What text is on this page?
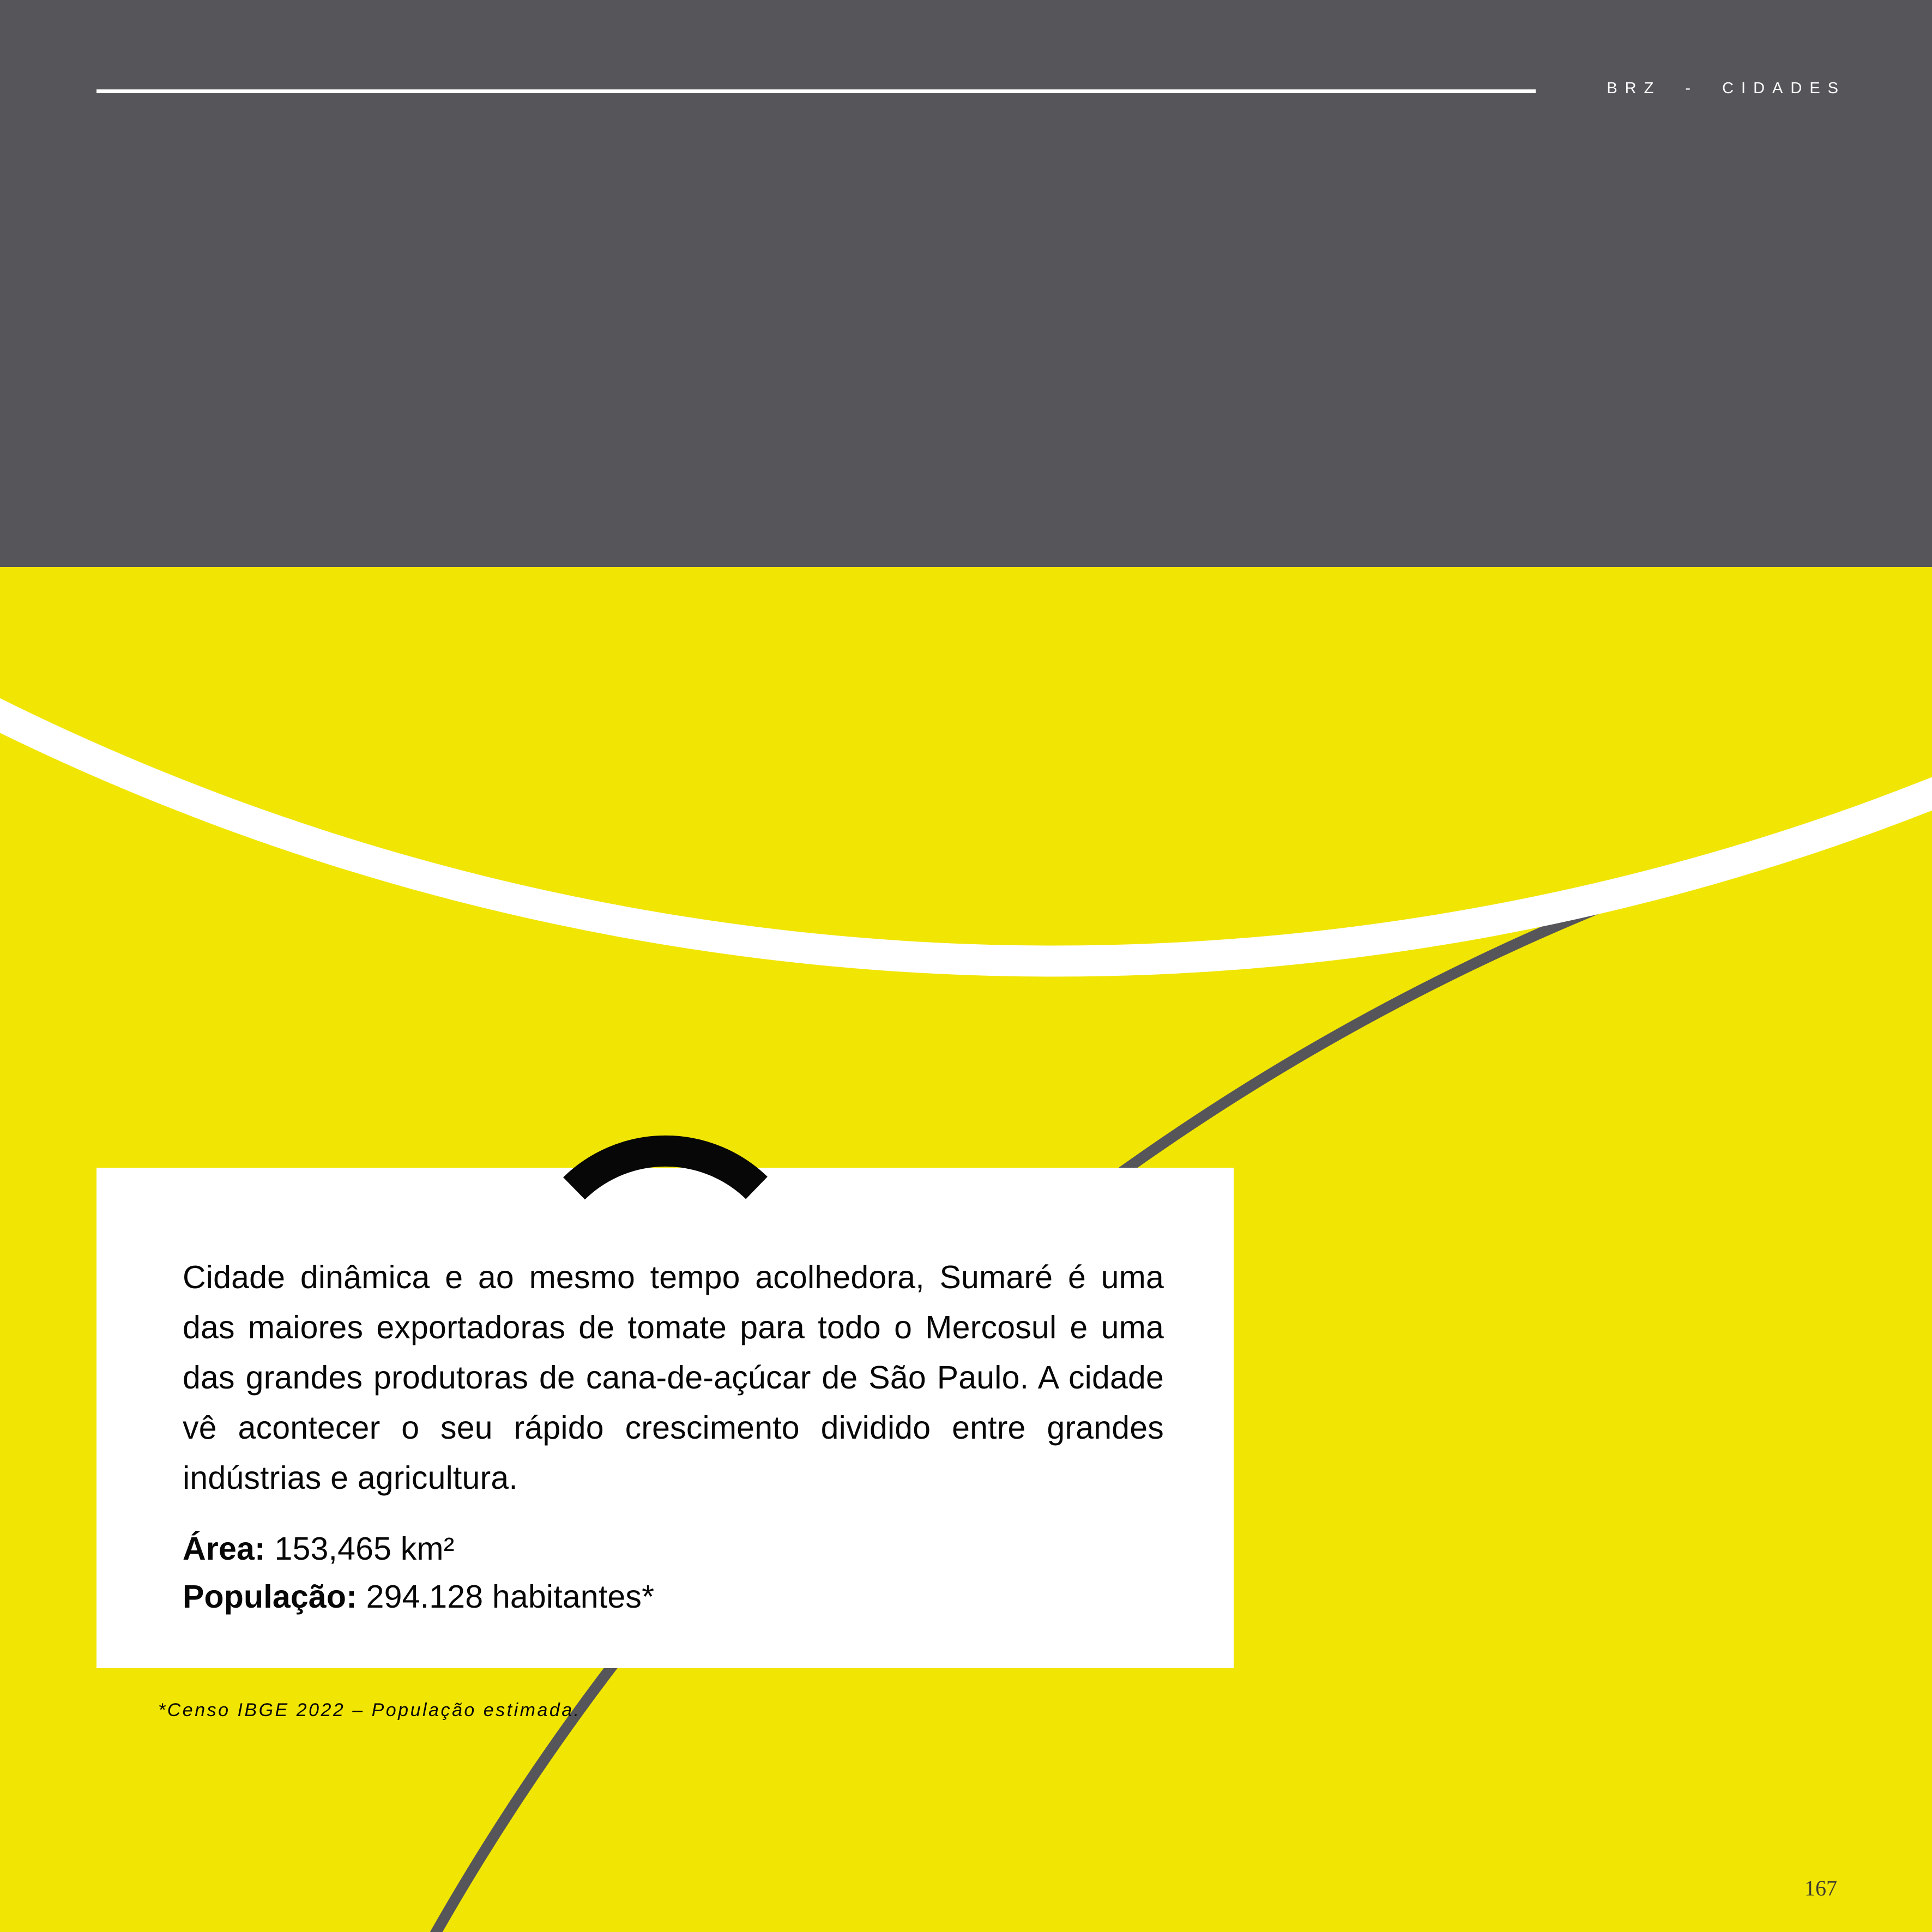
BRZ - CIDADES

Cidade dinâmica e ao mesmo tempo acolhedora, Sumaré é uma das maiores exportadoras de tomate para todo o Mercosul e uma das grandes produtoras de cana-de-açúcar de São Paulo. A cidade vê acontecer o seu rápido crescimento dividido entre grandes indústrias e agricultura.

Área: 153,465 km²

População: 294.128 habitantes*

*Censo IBGE 2022 – População estimada.
167
